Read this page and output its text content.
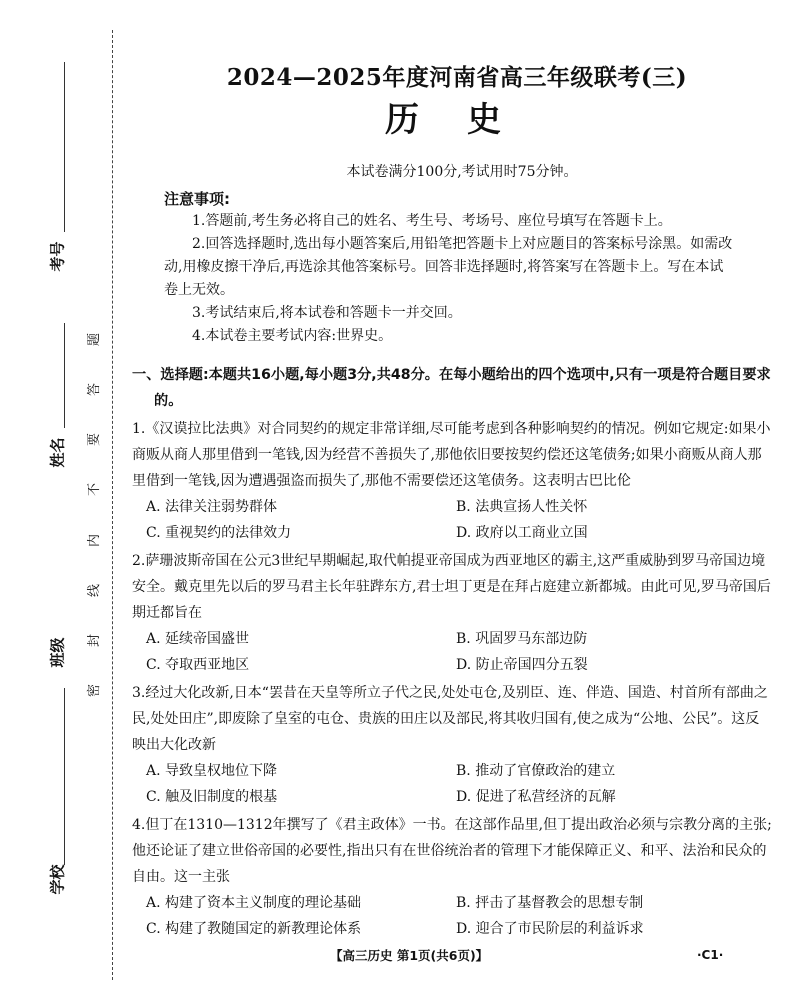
考号
姓名
班级
学校
题
答
要
不
内
线
封
密
2024—2025年度河南省高三年级联考(三)
历史
本试卷满分100分,考试用时75分钟。
注意事项:
1.答题前,考生务必将自己的姓名、考生号、考场号、座位号填写在答题卡上。
2.回答选择题时,选出每小题答案后,用铅笔把答题卡上对应题目的答案标号涂黑。如需改动,用橡皮擦干净后,再选涂其他答案标号。回答非选择题时,将答案写在答题卡上。写在本试卷上无效。
3.考试结束后,将本试卷和答题卡一并交回。
4.本试卷主要考试内容:世界史。
一、选择题:本题共16小题,每小题3分,共48分。在每小题给出的四个选项中,只有一项是符合题目要求的。
1.《汉谟拉比法典》对合同契约的规定非常详细,尽可能考虑到各种影响契约的情况。例如它规定:如果小商贩从商人那里借到一笔钱,因为经营不善损失了,那他依旧要按契约偿还这笔债务;如果小商贩从商人那里借到一笔钱,因为遭遇强盗而损失了,那他不需要偿还这笔债务。这表明古巴比伦
A. 法律关注弱势群体	B. 法典宣扬人性关怀
C. 重视契约的法律效力	D. 政府以工商业立国
2.萨珊波斯帝国在公元3世纪早期崛起,取代帕提亚帝国成为西亚地区的霸主,这严重威胁到罗马帝国边境安全。戴克里先以后的罗马君主长年驻跸东方,君士坦丁更是在拜占庭建立新都城。由此可见,罗马帝国后期迁都旨在
A. 延续帝国盛世	B. 巩固罗马东部边防
C. 夺取西亚地区	D. 防止帝国四分五裂
3.经过大化改新,日本“罢昔在天皇等所立子代之民,处处屯仓,及别臣、连、伴造、国造、村首所有部曲之民,处处田庄”,即废除了皇室的屯仓、贵族的田庄以及部民,将其收归国有,使之成为“公地、公民”。这反映出大化改新
A. 导致皇权地位下降	B. 推动了官僚政治的建立
C. 触及旧制度的根基	D. 促进了私营经济的瓦解
4.但丁在1310—1312年撰写了《君主政体》一书。在这部作品里,但丁提出政治必须与宗教分离的主张;他还论证了建立世俗帝国的必要性,指出只有在世俗统治者的管理下才能保障正义、和平、法治和民众的自由。这一主张
A. 构建了资本主义制度的理论基础	B. 抨击了基督教会的思想专制
C. 构建了教随国定的新教理论体系	D. 迎合了市民阶层的利益诉求
【高三历史 第1页(共6页)】	·C1·
